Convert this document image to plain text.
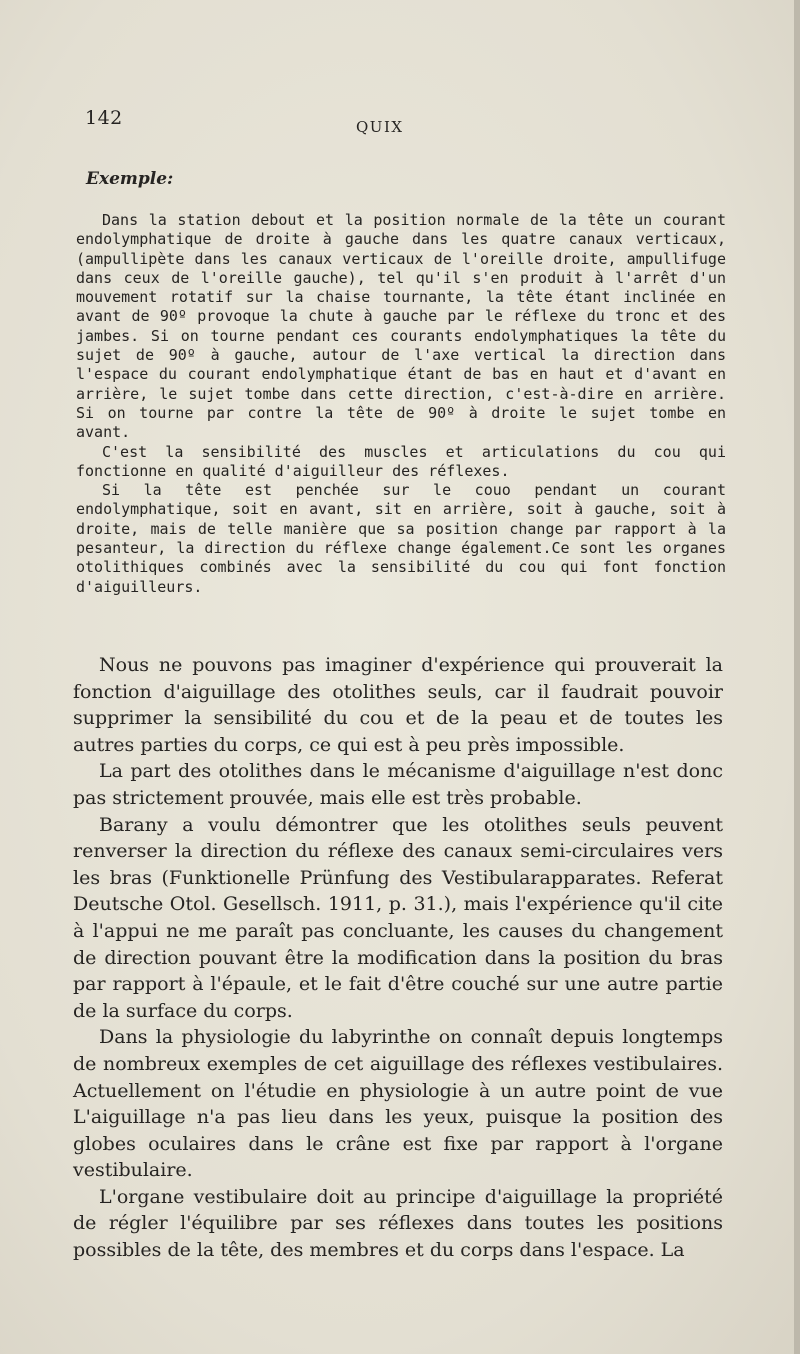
142	QUIX
Exemple:

Dans la station debout et la position normale de la tête un courant endolymphatique de droite à gauche dans les quatre canaux verticaux, (ampullipète dans les canaux verticaux de l'oreille droite, ampullifuge dans ceux de l'oreille gauche), tel qu'il s'en produit à l'arrêt d'un mouvement rotatif sur la chaise tournante, la tête étant inclinée en avant de 90º provoque la chute à gauche par le réflexe du tronc et des jambes. Si on tourne pendant ces courants endolymphatiques la tête du sujet de 90º à gauche, autour de l'axe vertical la direction dans l'espace du courant endolymphatique étant de bas en haut et d'avant en arrière, le sujet tombe dans cette direction, c'est-à-dire en arrière. Si on tourne par contre la tête de 90º à droite le sujet tombe en avant.

C'est la sensibilité des muscles et articulations du cou qui fonctionne en qualité d'aiguilleur des réflexes.

Si la tête est penchée sur le couo pendant un courant endolymphatique, soit en avant, sit en arrière, soit à gauche, soit à droite, mais de telle manière que sa position change par rapport à la pesanteur, la direction du réflexe change également.Ce sont les organes otolithiques combinés avec la sensibilité du cou qui font fonction d'aiguilleurs.

Nous ne pouvons pas imaginer d'expérience qui prouverait la fonction d'aiguillage des otolithes seuls, car il faudrait pouvoir supprimer la sensibilité du cou et de la peau et de toutes les autres parties du corps, ce qui est à peu près impossible.

La part des otolithes dans le mécanisme d'aiguillage n'est donc pas strictement prouvée, mais elle est très probable.

Barany a voulu démontrer que les otolithes seuls peuvent renverser la direction du réflexe des canaux semi-circulaires vers les bras (Funktionelle Prünfung des Vestibularapparates. Referat Deutsche Otol. Gesellsch. 1911, p. 31.), mais l'expérience qu'il cite à l'appui ne me paraît pas concluante, les causes du changement de direction pouvant être la modification dans la position du bras par rapport à l'épaule, et le fait d'être couché sur une autre partie de la surface du corps.

Dans la physiologie du labyrinthe on connaît depuis longtemps de nombreux exemples de cet aiguillage des réflexes vestibulaires. Actuellement on l'étudie en physiologie à un autre point de vue L'aiguillage n'a pas lieu dans les yeux, puisque la position des globes oculaires dans le crâne est fixe par rapport à l'organe vestibulaire.

L'organe vestibulaire doit au principe d'aiguillage la propriété de régler l'équilibre par ses réflexes dans toutes les positions possibles de la tête, des membres et du corps dans l'espace. La
